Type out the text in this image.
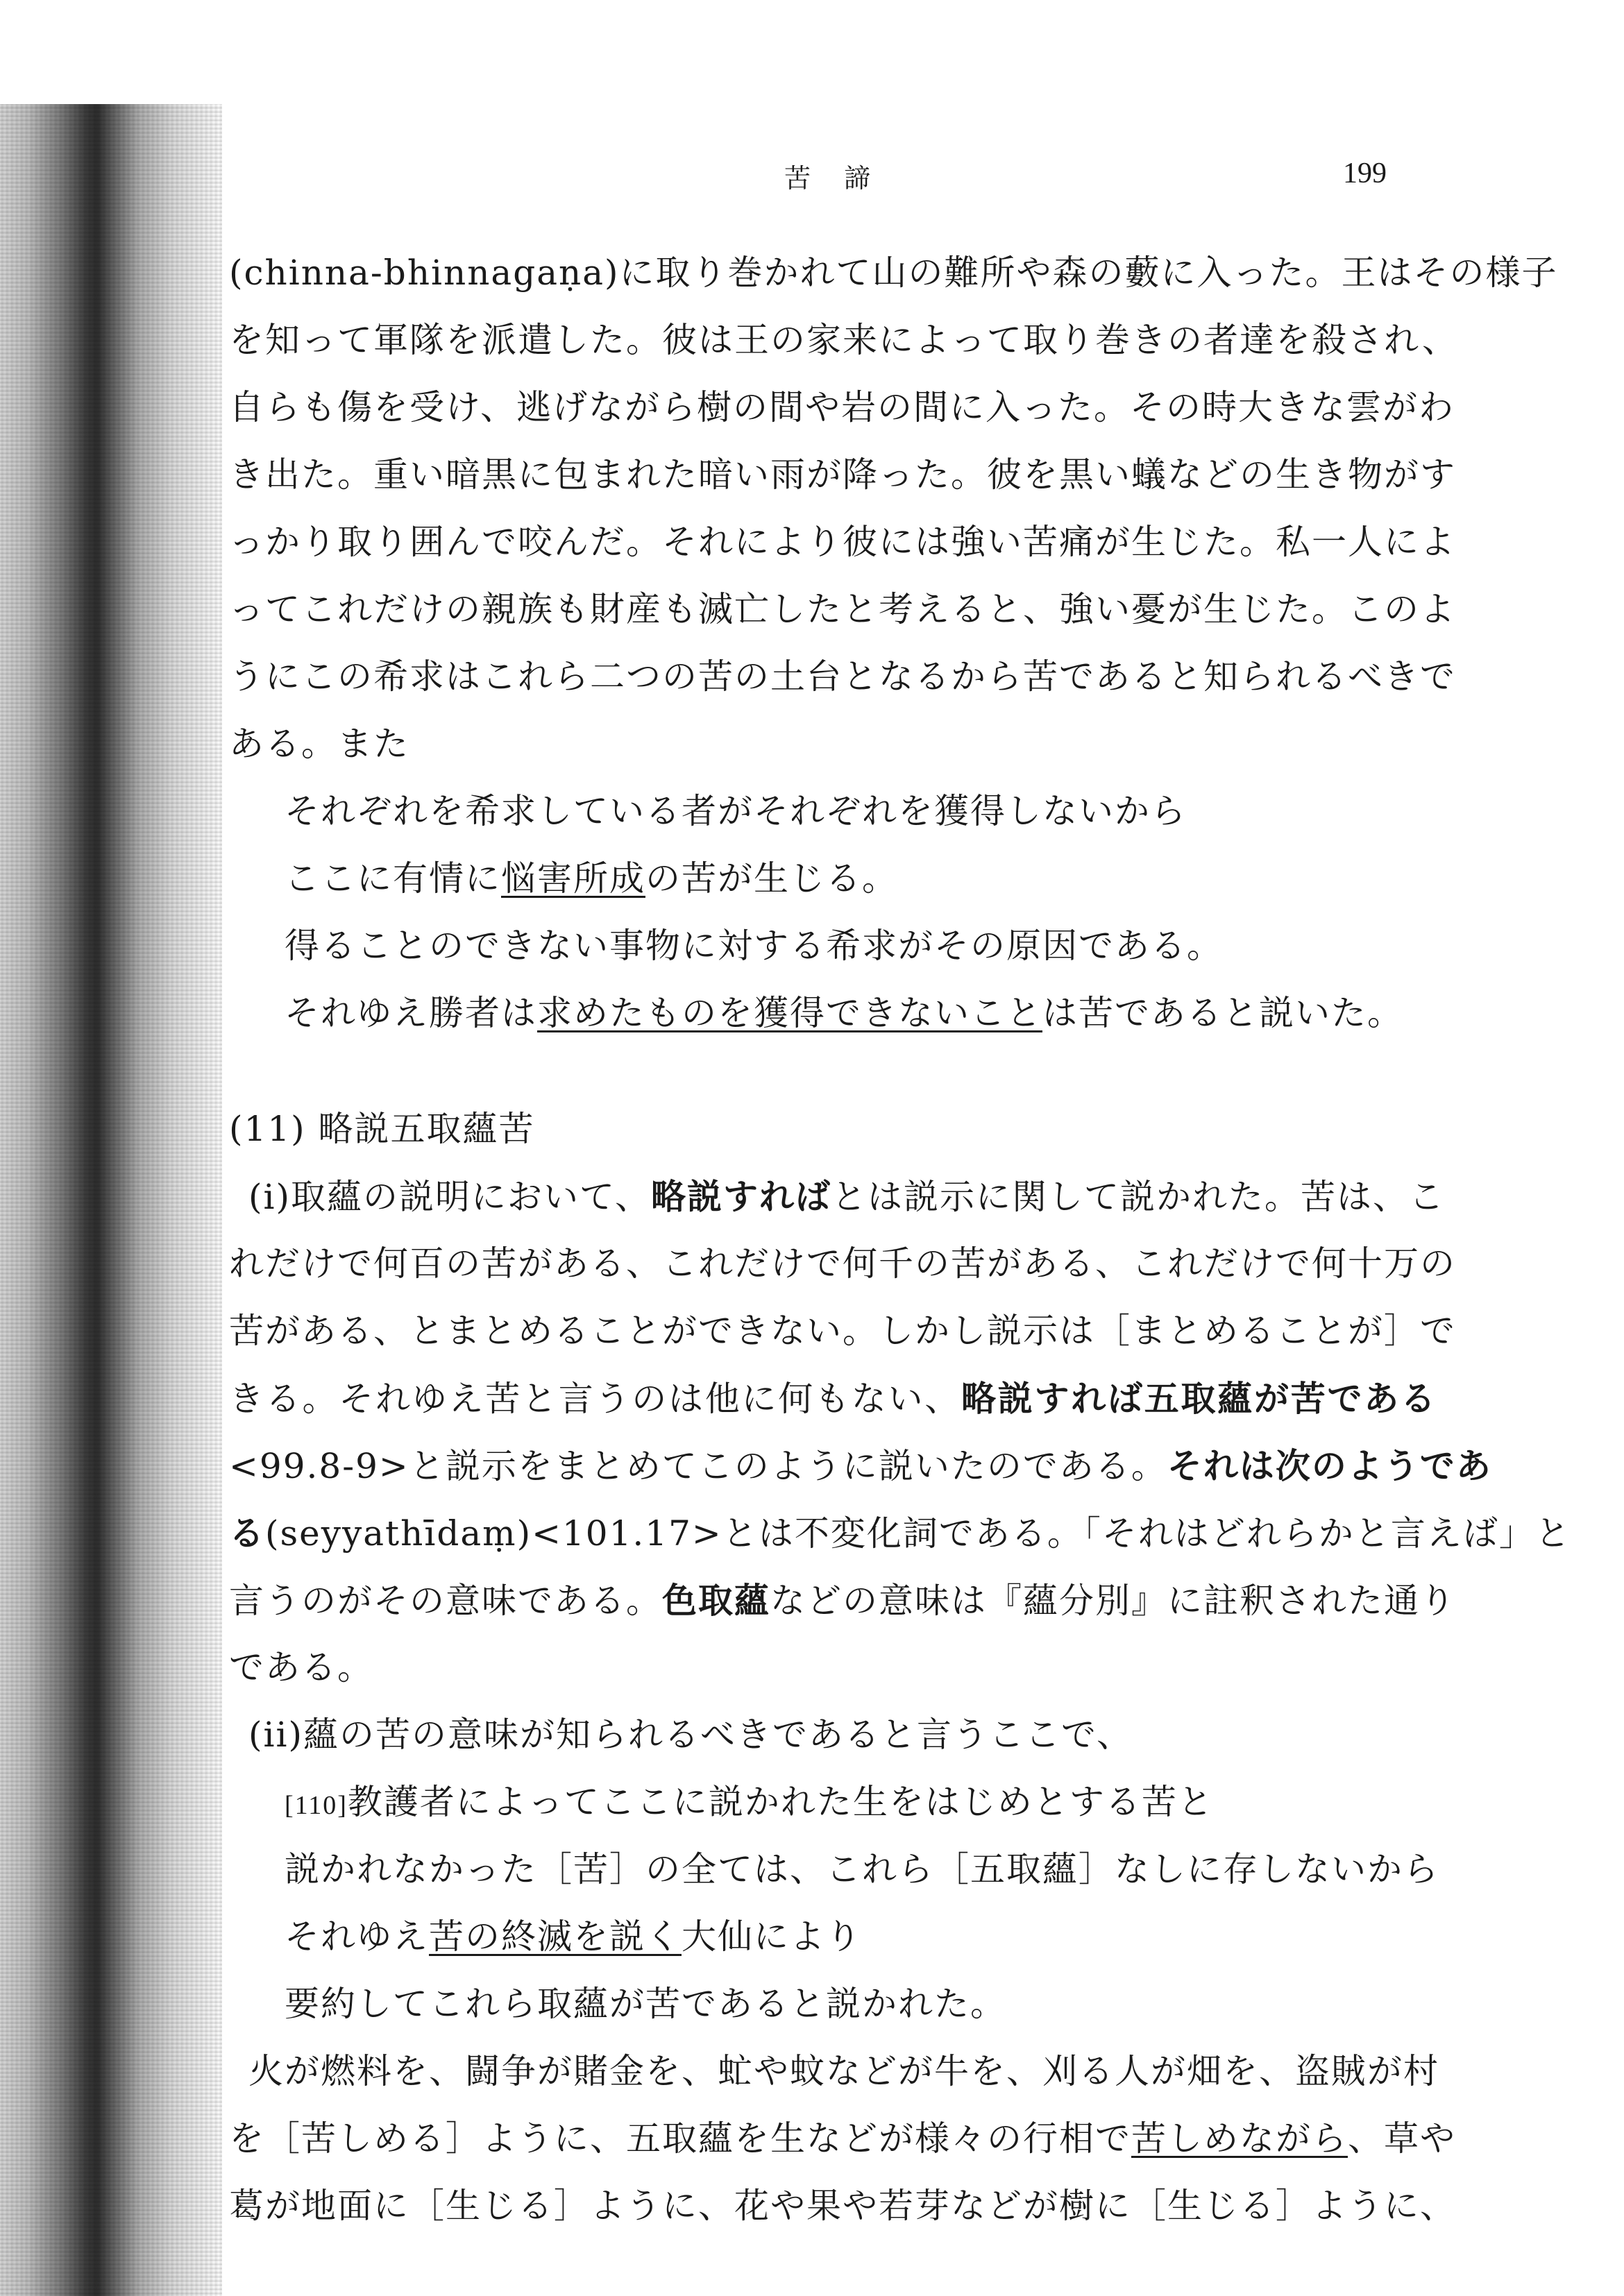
苦 諦	199
(chinna-bhinnagaṇa)に取り巻かれて山の難所や森の藪に入った。王はその様子
を知って軍隊を派遣した。彼は王の家来によって取り巻きの者達を殺され、
自らも傷を受け、逃げながら樹の間や岩の間に入った。その時大きな雲がわ
き出た。重い暗黒に包まれた暗い雨が降った。彼を黒い蟻などの生き物がす
っかり取り囲んで咬んだ。それにより彼には強い苦痛が生じた。私一人によ
ってこれだけの親族も財産も滅亡したと考えると、強い憂が生じた。このよ
うにこの希求はこれら二つの苦の土台となるから苦であると知られるべきで
ある。また
それぞれを希求している者がそれぞれを獲得しないから
ここに有情に悩害所成の苦が生じる。
得ることのできない事物に対する希求がその原因である。
それゆえ勝者は求めたものを獲得できないことは苦であると説いた。
(11) 略説五取蘊苦
(i)取蘊の説明において、略説すればとは説示に関して説かれた。苦は、こ
れだけで何百の苦がある、これだけで何千の苦がある、これだけで何十万の
苦がある、とまとめることができない。しかし説示は［まとめることが］で
きる。それゆえ苦と言うのは他に何もない、略説すれば五取蘊が苦である
<99.8-9>と説示をまとめてこのように説いたのである。それは次のようであ
る(seyyathīdaṃ)<101.17>とは不変化詞である。「それはどれらかと言えば」と
言うのがその意味である。色取蘊などの意味は『蘊分別』に註釈された通り
である。
(ii)蘊の苦の意味が知られるべきであると言うここで、
[110]教護者によってここに説かれた生をはじめとする苦と
説かれなかった［苦］の全ては、これら［五取蘊］なしに存しないから
それゆえ苦の終滅を説く大仙により
要約してこれら取蘊が苦であると説かれた。
火が燃料を、闘争が賭金を、虻や蚊などが牛を、刈る人が畑を、盗賊が村
を［苦しめる］ように、五取蘊を生などが様々の行相で苦しめながら、草や
葛が地面に［生じる］ように、花や果や若芽などが樹に［生じる］ように、
